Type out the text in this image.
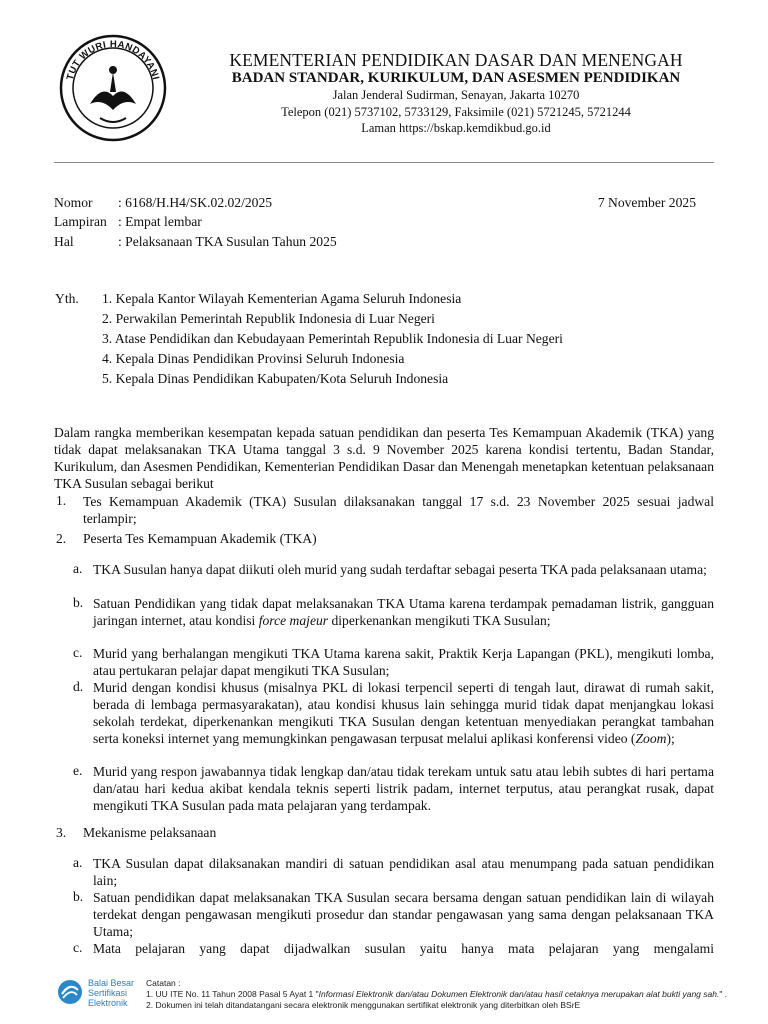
TUT WURI HANDAYANI
KEMENTERIAN PENDIDIKAN DASAR DAN MENENGAH
BADAN STANDAR, KURIKULUM, DAN ASESMEN PENDIDIKAN
Jalan Jenderal Sudirman, Senayan, Jakarta 10270
Telepon (021) 5737102, 5733129, Faksimile (021) 5721245, 5721244
Laman https://bskap.kemdikbud.go.id
Nomor : 6168/H.H4/SK.02.02/2025	7 November 2025
Lampiran : Empat lembar
Hal	: Pelaksanaan TKA Susulan Tahun 2025
Yth. 1. Kepala Kantor Wilayah Kementerian Agama Seluruh Indonesia
2. Perwakilan Pemerintah Republik Indonesia di Luar Negeri
3. Atase Pendidikan dan Kebudayaan Pemerintah Republik Indonesia di Luar Negeri
4. Kepala Dinas Pendidikan Provinsi Seluruh Indonesia
5. Kepala Dinas Pendidikan Kabupaten/Kota Seluruh Indonesia
Dalam rangka memberikan kesempatan kepada satuan pendidikan dan peserta Tes Kemampuan Akademik (TKA) yang tidak dapat melaksanakan TKA Utama tanggal 3 s.d. 9 November 2025 karena kondisi tertentu, Badan Standar, Kurikulum, dan Asesmen Pendidikan, Kementerian Pendidikan Dasar dan Menengah menetapkan ketentuan pelaksanaan TKA Susulan sebagai berikut
1. Tes Kemampuan Akademik (TKA) Susulan dilaksanakan tanggal 17 s.d. 23 November 2025 sesuai jadwal terlampir;
2. Peserta Tes Kemampuan Akademik (TKA)
a. TKA Susulan hanya dapat diikuti oleh murid yang sudah terdaftar sebagai peserta TKA pada pelaksanaan utama;
b. Satuan Pendidikan yang tidak dapat melaksanakan TKA Utama karena terdampak pemadaman listrik, gangguan jaringan internet, atau kondisi force majeur diperkenankan mengikuti TKA Susulan;
c. Murid yang berhalangan mengikuti TKA Utama karena sakit, Praktik Kerja Lapangan (PKL), mengikuti lomba, atau pertukaran pelajar dapat mengikuti TKA Susulan;
d. Murid dengan kondisi khusus (misalnya PKL di lokasi terpencil seperti di tengah laut, dirawat di rumah sakit, berada di lembaga permasyarakatan), atau kondisi khusus lain sehingga murid tidak dapat menjangkau lokasi sekolah terdekat, diperkenankan mengikuti TKA Susulan dengan ketentuan menyediakan perangkat tambahan serta koneksi internet yang memungkinkan pengawasan terpusat melalui aplikasi konferensi video (Zoom);
e. Murid yang respon jawabannya tidak lengkap dan/atau tidak terekam untuk satu atau lebih subtes di hari pertama dan/atau hari kedua akibat kendala teknis seperti listrik padam, internet terputus, atau perangkat rusak, dapat mengikuti TKA Susulan pada mata pelajaran yang terdampak.
3. Mekanisme pelaksanaan
a. TKA Susulan dapat dilaksanakan mandiri di satuan pendidikan asal atau menumpang pada satuan pendidikan lain;
b. Satuan pendidikan dapat melaksanakan TKA Susulan secara bersama dengan satuan pendidikan lain di wilayah terdekat dengan pengawasan mengikuti prosedur dan standar pengawasan yang sama dengan pelaksanaan TKA Utama;
c. Mata pelajaran yang dapat dijadwalkan susulan yaitu hanya mata pelajaran yang mengalami
Balai Besar
Sertifikasi
Elektronik
Catatan :
1. UU ITE No. 11 Tahun 2008 Pasal 5 Ayat 1 "Informasi Elektronik dan/atau Dokumen Elektronik dan/atau hasil cetaknya merupakan alat bukti yang sah." .
2. Dokumen ini telah ditandatangani secara elektronik menggunakan sertifikat elektronik yang diterbitkan oleh BSrE
